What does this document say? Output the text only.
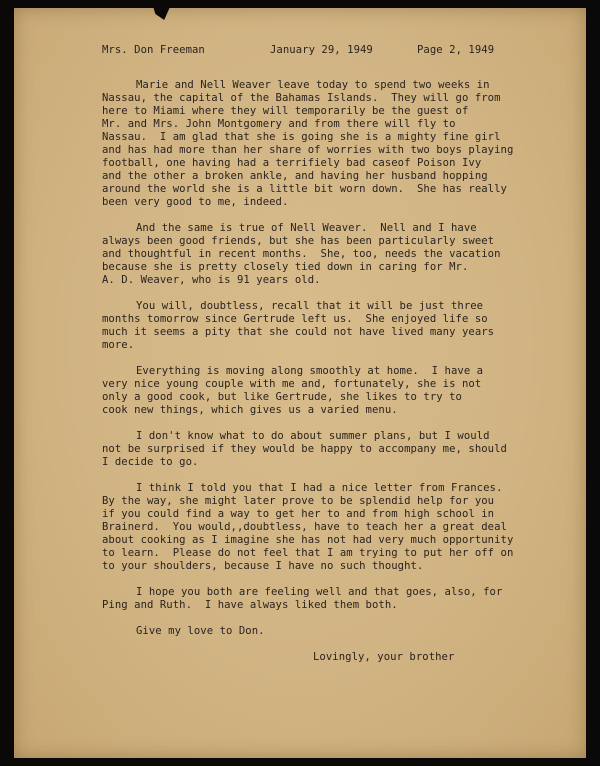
Mrs. Don Freeman	January 29, 1949	Page 2, 1949
Marie and Nell Weaver leave today to spend two weeks in
Nassau, the capital of the Bahamas Islands.  They will go from
here to Miami where they will temporarily be the guest of
Mr. and Mrs. John Montgomery and from there will fly to
Nassau.  I am glad that she is going she is a mighty fine girl
and has had more than her share of worries with two boys playing
football, one having had a terrifiely bad caseof Poison Ivy
and the other a broken ankle, and having her husband hopping
around the world she is a little bit worn down.  She has really
been very good to me, indeed.
And the same is true of Nell Weaver.  Nell and I have
always been good friends, but she has been particularly sweet
and thoughtful in recent months.  She, too, needs the vacation
because she is pretty closely tied down in caring for Mr.
A. D. Weaver, who is 91 years old.
You will, doubtless, recall that it will be just three
months tomorrow since Gertrude left us.  She enjoyed life so
much it seems a pity that she could not have lived many years
more.
Everything is moving along smoothly at home.  I have a
very nice young couple with me and, fortunately, she is not
only a good cook, but like Gertrude, she likes to try to
cook new things, which gives us a varied menu.
I don't know what to do about summer plans, but I would
not be surprised if they would be happy to accompany me, should
I decide to go.
I think I told you that I had a nice letter from Frances.
By the way, she might later prove to be splendid help for you
if you could find a way to get her to and from high school in
Brainerd.  You would,,doubtless, have to teach her a great deal
about cooking as I imagine she has not had very much opportunity
to learn.  Please do not feel that I am trying to put her off on
to your shoulders, because I have no such thought.
I hope you both are feeling well and that goes, also, for
Ping and Ruth.  I have always liked them both.
Give my love to Don.
Lovingly, your brother
